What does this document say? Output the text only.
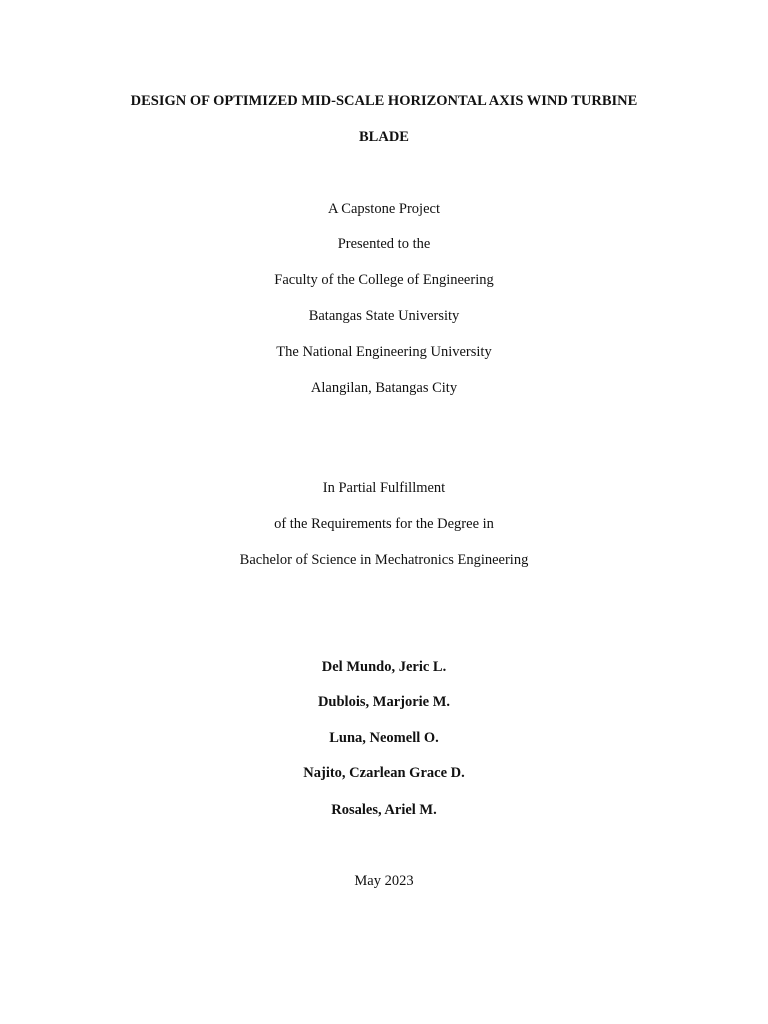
DESIGN OF OPTIMIZED MID-SCALE HORIZONTAL AXIS WIND TURBINE
BLADE
A Capstone Project
Presented to the
Faculty of the College of Engineering
Batangas State University
The National Engineering University
Alangilan, Batangas City
In Partial Fulfillment
of the Requirements for the Degree in
Bachelor of Science in Mechatronics Engineering
Del Mundo, Jeric L.
Dublois, Marjorie M.
Luna, Neomell O.
Najito, Czarlean Grace D.
Rosales, Ariel M.
May 2023
